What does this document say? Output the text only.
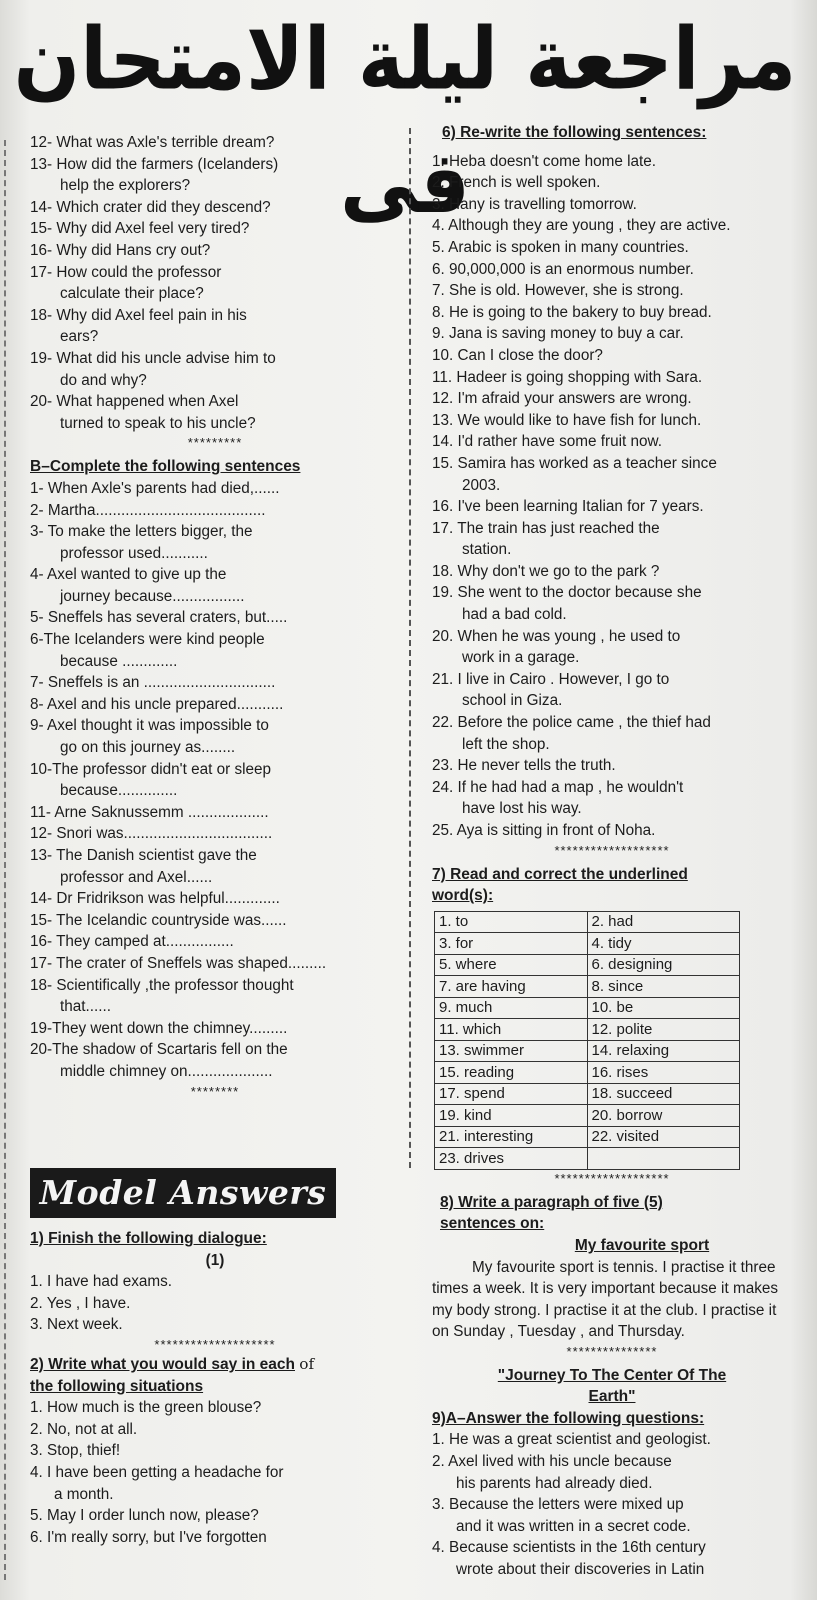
مراجعة ليلة الامتحان فى
12- What was Axle's terrible dream?
13- How did the farmers (Icelanders)
help the explorers?
14- Which crater did they descend?
15- Why did Axel feel very tired?
16- Why did Hans cry out?
17- How could the professor
calculate their place?
18- Why did Axel feel pain in his
ears?
19- What did his uncle advise him to
do and why?
20- What happened when Axel
turned to speak to his uncle?
*********
B–Complete the following sentences
1- When Axle's parents had died,......
2- Martha........................................
3- To make the letters bigger, the
professor used...........
4- Axel wanted to give up the
journey because.................
5- Sneffels has several craters, but.....
6-The Icelanders were kind people
because .............
7- Sneffels is an ...............................
8- Axel and his uncle prepared...........
9- Axel thought it was impossible to
go on this journey as........
10-The professor didn't eat or sleep
because..............
11- Arne Saknussemm ...................
12- Snori was...................................
13- The Danish scientist gave the
professor and Axel......
14- Dr Fridrikson was helpful.............
15- The Icelandic countryside was......
16- They camped at................
17- The crater of Sneffels was shaped.........
18- Scientifically ,the professor thought
that......
19-They went down the chimney.........
20-The shadow of Scartaris fell on the
middle chimney on....................
********
Model Answers
1) Finish the following dialogue:
(1)
1. I have had exams.
2. Yes , I have.
3. Next week.
********************
2) Write what you would say in each of
the following situations
1. How much is the green blouse?
2. No, not at all.
3. Stop, thief!
4. I have been getting a headache for
a month.
5. May I order lunch now, please?
6. I'm really sorry, but I've forgotten
6) Re-write the following sentences:
1. Heba doesn't come home late.
2. French is well spoken.
3. Hany is travelling tomorrow.
4. Although they are young , they are active.
5. Arabic is spoken in many countries.
6. 90,000,000 is an enormous number.
7. She is old. However, she is strong.
8. He is going to the bakery to buy bread.
9. Jana is saving money to buy a car.
10. Can I close the door?
11. Hadeer is going shopping with Sara.
12. I'm afraid your answers are wrong.
13. We would like to have fish for lunch.
14. I'd rather have some fruit now.
15. Samira has worked as a teacher since
2003.
16. I've been learning Italian for 7 years.
17. The train has just reached the
station.
18. Why don't we go to the park ?
19. She went to the doctor because she
had a bad cold.
20. When he was young , he used to
work in a garage.
21. I live in Cairo . However, I go to
school in Giza.
22. Before the police came , the thief had
left the shop.
23. He never tells the truth.
24. If he had had a map , he wouldn't
have lost his way.
25. Aya is sitting in front of Noha.
*******************
7) Read and correct the underlined
word(s):
1. to	2. had
3. for	4. tidy
5. where	6. designing
7. are having	8. since
9. much	10. be
11. which	12. polite
13. swimmer	14. relaxing
15. reading	16. rises
17. spend	18. succeed
19. kind	20. borrow
21. interesting	22. visited
23. drives	
*******************
8) Write a paragraph of five (5)
sentences on:
My favourite sport
My favourite sport is tennis. I practise it three times a week. It is very important because it makes my body strong. I practise it at the club. I practise it on Sunday , Tuesday , and Thursday.
***************
"Journey To The Center Of The
Earth"
9)A–Answer the following questions:
1. He was a great scientist and geologist.
2. Axel lived with his uncle because
his parents had already died.
3. Because the letters were mixed up
and it was written in a secret code.
4. Because scientists in the 16th century
wrote about their discoveries in Latin
